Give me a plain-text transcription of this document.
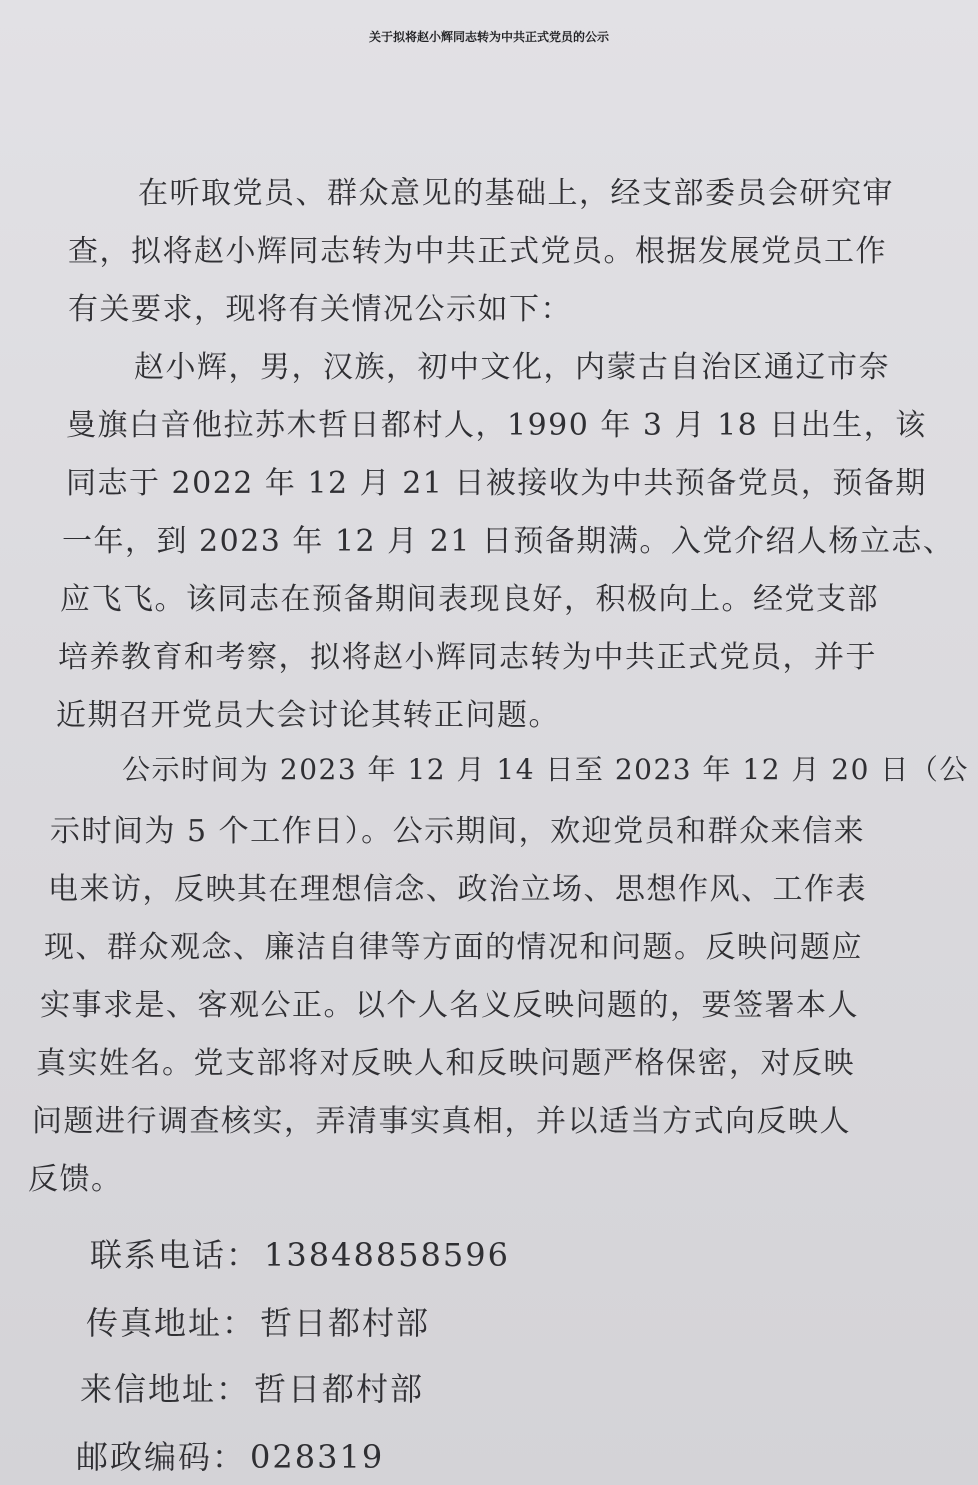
关于拟将赵小辉同志转为中共正式党员的公示
在听取党员、群众意见的基础上，经支部委员会研究审
查，拟将赵小辉同志转为中共正式党员。根据发展党员工作
有关要求，现将有关情况公示如下：
赵小辉，男，汉族，初中文化，内蒙古自治区通辽市奈
曼旗白音他拉苏木哲日都村人，1990 年 3 月 18 日出生，该
同志于 2022 年 12 月 21 日被接收为中共预备党员，预备期
一年，到 2023 年 12 月 21 日预备期满。入党介绍人杨立志、
应飞飞。该同志在预备期间表现良好，积极向上。经党支部
培养教育和考察，拟将赵小辉同志转为中共正式党员，并于
近期召开党员大会讨论其转正问题。
公示时间为 2023 年 12 月 14 日至 2023 年 12 月 20 日（公
示时间为 5 个工作日）。公示期间，欢迎党员和群众来信来
电来访，反映其在理想信念、政治立场、思想作风、工作表
现、群众观念、廉洁自律等方面的情况和问题。反映问题应
实事求是、客观公正。以个人名义反映问题的，要签署本人
真实姓名。党支部将对反映人和反映问题严格保密，对反映
问题进行调查核实，弄清事实真相，并以适当方式向反映人
反馈。
联系电话： 13848858596
传真地址： 哲日都村部
来信地址： 哲日都村部
邮政编码： 028319
